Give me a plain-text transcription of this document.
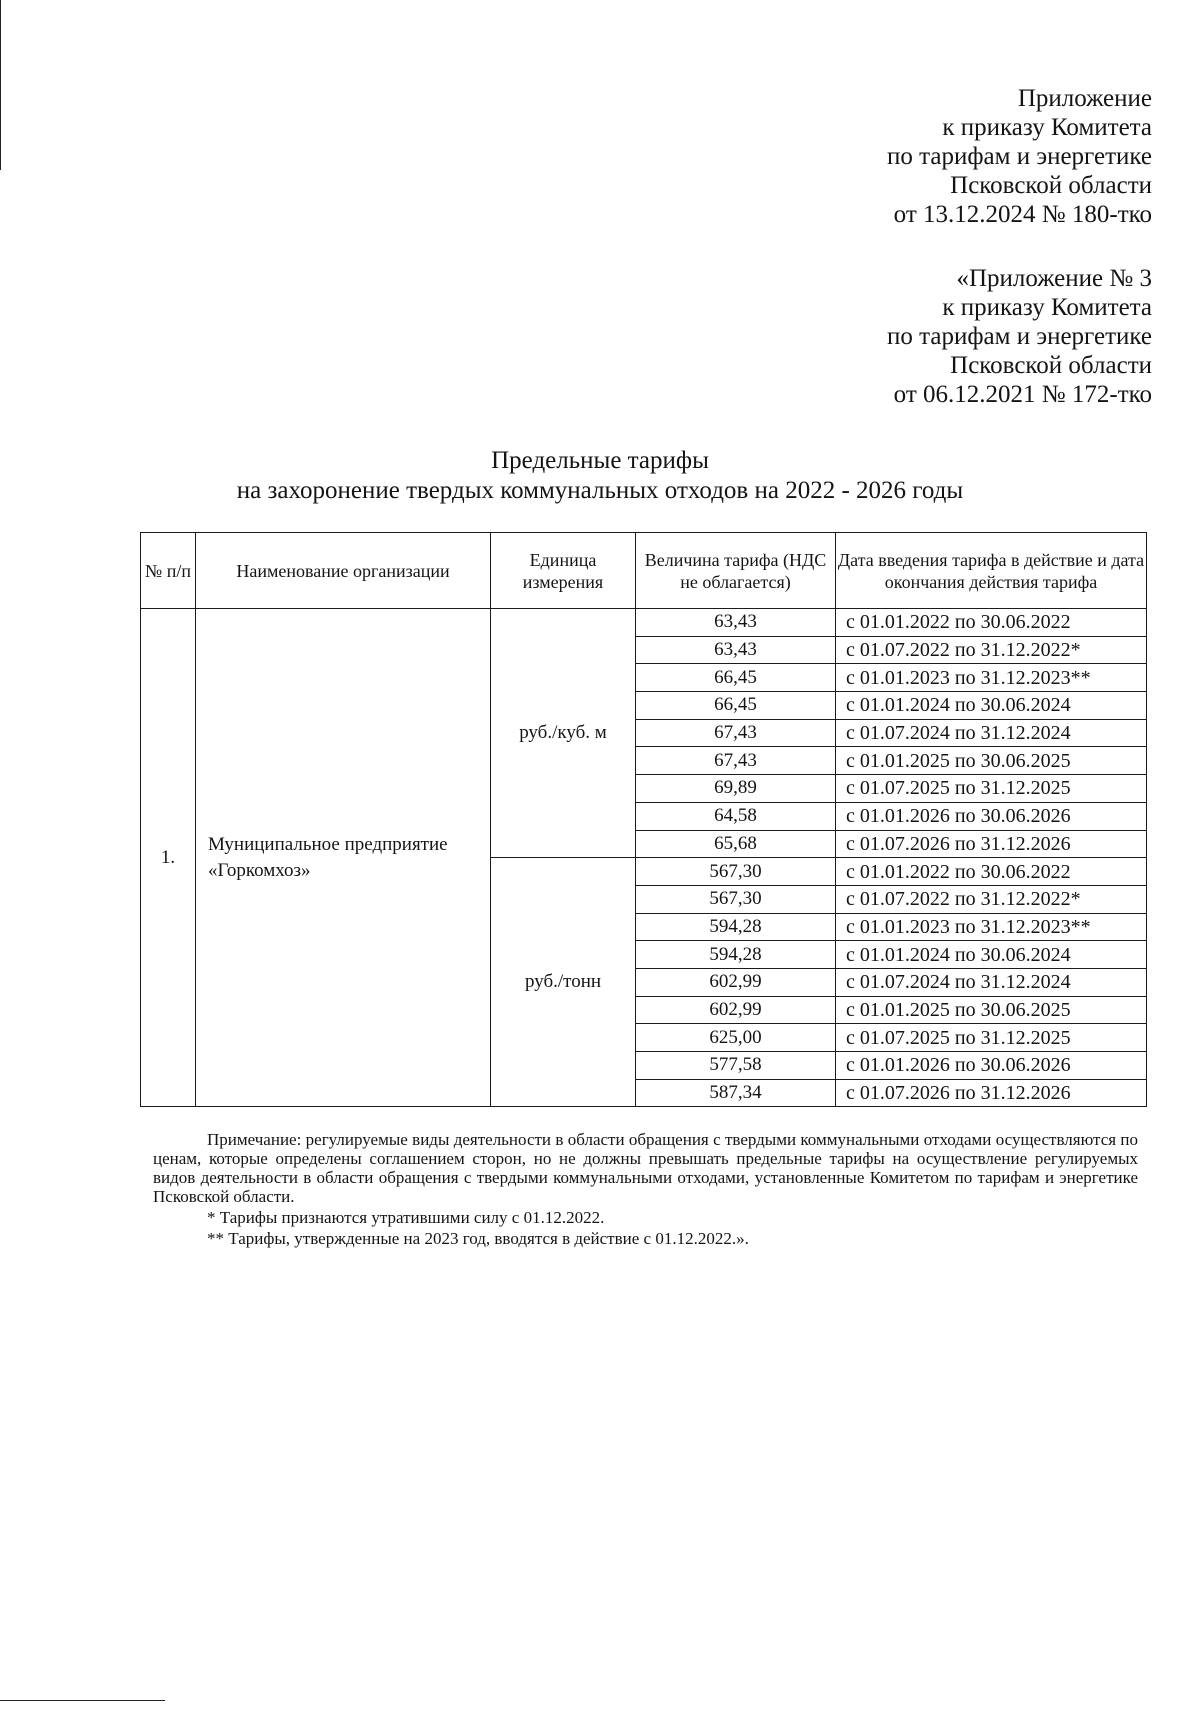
Приложение
к приказу Комитета
по тарифам и энергетике
Псковской области
от 13.12.2024 № 180-тко
«Приложение № 3
к приказу Комитета
по тарифам и энергетике
Псковской области
от 06.12.2021 № 172-тко
Предельные тарифы
на захоронение твердых коммунальных отходов на 2022 - 2026 годы
№ п/п	Наименование организации	Единица измерения	Величина тарифа (НДС не облагается)	Дата введения тарифа в действие и дата окончания действия тарифа
1.	Муниципальное предприятие «Горкомхоз»	руб./куб. м	63,43	с 01.01.2022 по 30.06.2022
			63,43	с 01.07.2022 по 31.12.2022*
			66,45	с 01.01.2023 по 31.12.2023**
			66,45	с 01.01.2024 по 30.06.2024
			67,43	с 01.07.2024 по 31.12.2024
			67,43	с 01.01.2025 по 30.06.2025
			69,89	с 01.07.2025 по 31.12.2025
			64,58	с 01.01.2026 по 30.06.2026
			65,68	с 01.07.2026 по 31.12.2026
		руб./тонн	567,30	с 01.01.2022 по 30.06.2022
			567,30	с 01.07.2022 по 31.12.2022*
			594,28	с 01.01.2023 по 31.12.2023**
			594,28	с 01.01.2024 по 30.06.2024
			602,99	с 01.07.2024 по 31.12.2024
			602,99	с 01.01.2025 по 30.06.2025
			625,00	с 01.07.2025 по 31.12.2025
			577,58	с 01.01.2026 по 30.06.2026
			587,34	с 01.07.2026 по 31.12.2026

Примечание: регулируемые виды деятельности в области обращения с твердыми коммунальными отходами осуществляются по ценам, которые определены соглашением сторон, но не должны превышать предельные тарифы на осуществление регулируемых видов деятельности в области обращения с твердыми коммунальными отходами, установленные Комитетом по тарифам и энергетике Псковской области.

* Тарифы признаются утратившими силу с 01.12.2022.

** Тарифы, утвержденные на 2023 год, вводятся в действие с 01.12.2022.».
